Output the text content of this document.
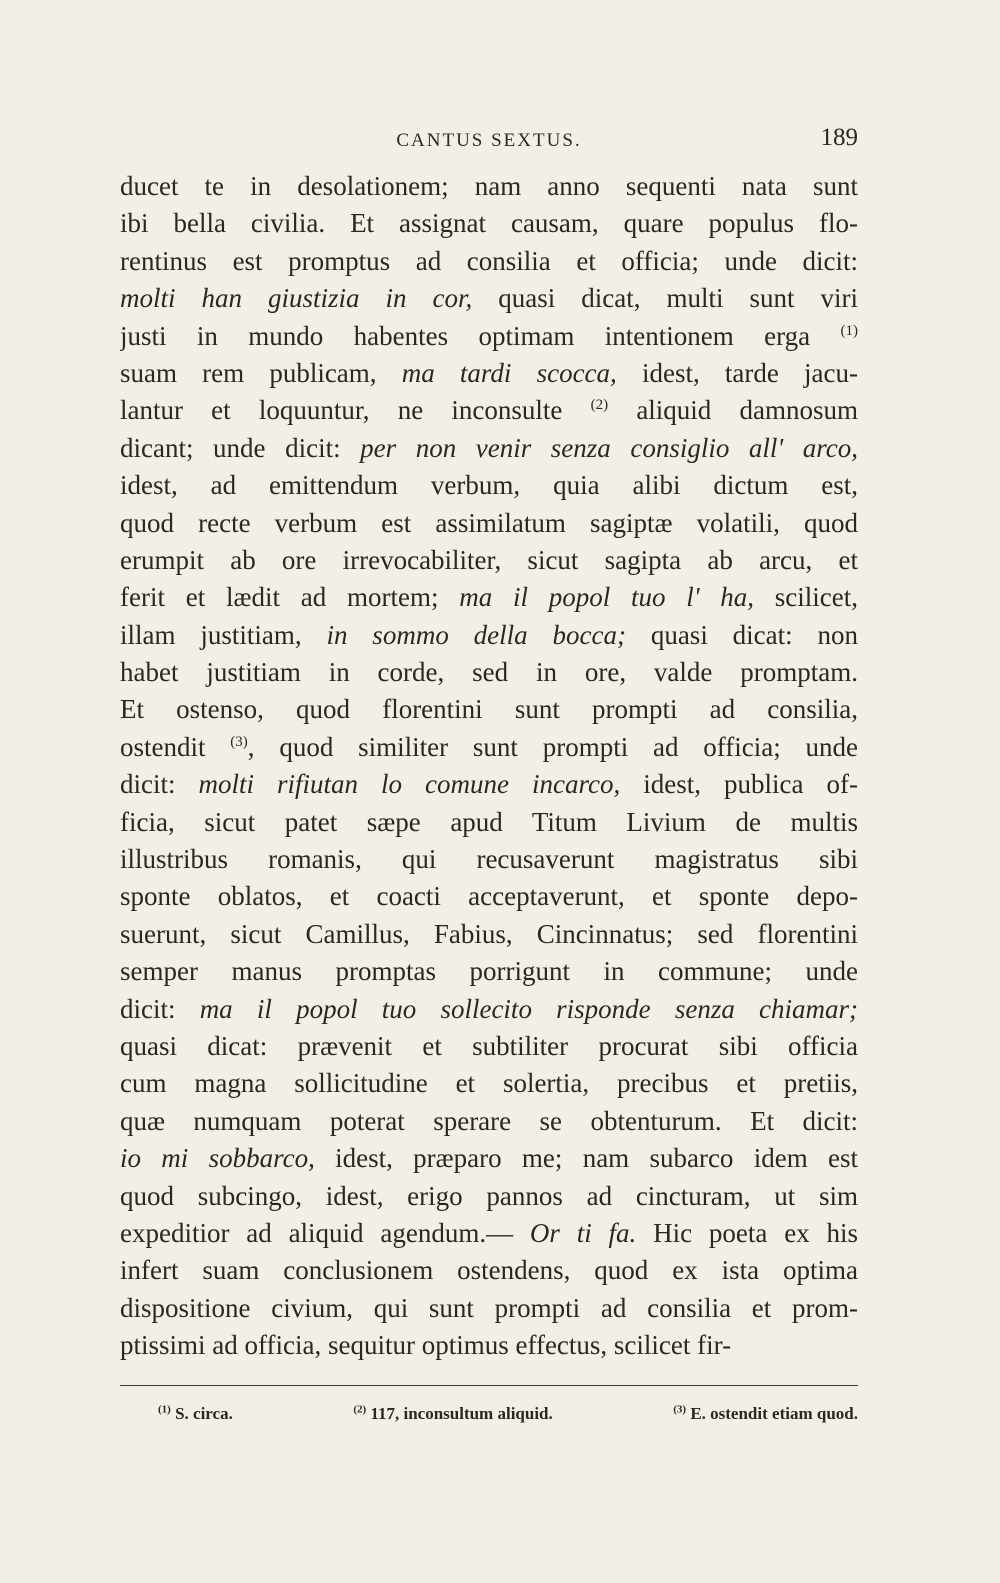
CANTUS SEXTUS.	189
ducet te in desolationem; nam anno sequenti nata sunt
ibi bella civilia. Et assignat causam, quare populus flo-
rentinus est promptus ad consilia et officia; unde dicit:
molti han giustizia in cor, quasi dicat, multi sunt viri
justi in mundo habentes optimam intentionem erga $^{(1)}$
suam rem publicam, ma tardi scocca, idest, tarde jacu-
lantur et loquuntur, ne inconsulte $^{(2)}$ aliquid damnosum
dicant; unde dicit: per non venir senza consiglio all' arco,
idest, ad emittendum verbum, quia alibi dictum est,
quod recte verbum est assimilatum sagiptæ volatili, quod
erumpit ab ore irrevocabiliter, sicut sagipta ab arcu, et
ferit et lædit ad mortem; ma il popol tuo l' ha, scilicet,
illam justitiam, in sommo della bocca; quasi dicat: non
habet justitiam in corde, sed in ore, valde promptam.
Et ostenso, quod florentini sunt prompti ad consilia,
ostendit $^{(3)}$, quod similiter sunt prompti ad officia; unde
dicit: molti rifiutan lo comune incarco, idest, publica of-
ficia, sicut patet sæpe apud Titum Livium de multis
illustribus romanis, qui recusaverunt magistratus sibi
sponte oblatos, et coacti acceptaverunt, et sponte depo-
suerunt, sicut Camillus, Fabius, Cincinnatus; sed florentini
semper manus promptas porrigunt in commune; unde
dicit: ma il popol tuo sollecito risponde senza chiamar;
quasi dicat: prævenit et subtiliter procurat sibi officia
cum magna sollicitudine et solertia, precibus et pretiis,
quæ numquam poterat sperare se obtenturum. Et dicit:
io mi sobbarco, idest, præparo me; nam subarco idem est
quod subcingo, idest, erigo pannos ad cincturam, ut sim
expeditior ad aliquid agendum.— Or ti fa. Hic poeta ex his
infert suam conclusionem ostendens, quod ex ista optima
dispositione civium, qui sunt prompti ad consilia et prom-
ptissimi ad officia, sequitur optimus effectus, scilicet fir-
$^{(1)}$ S. circa.	$^{(2)}$ 117, inconsultum aliquid.	$^{(3)}$ E. ostendit etiam quod.
